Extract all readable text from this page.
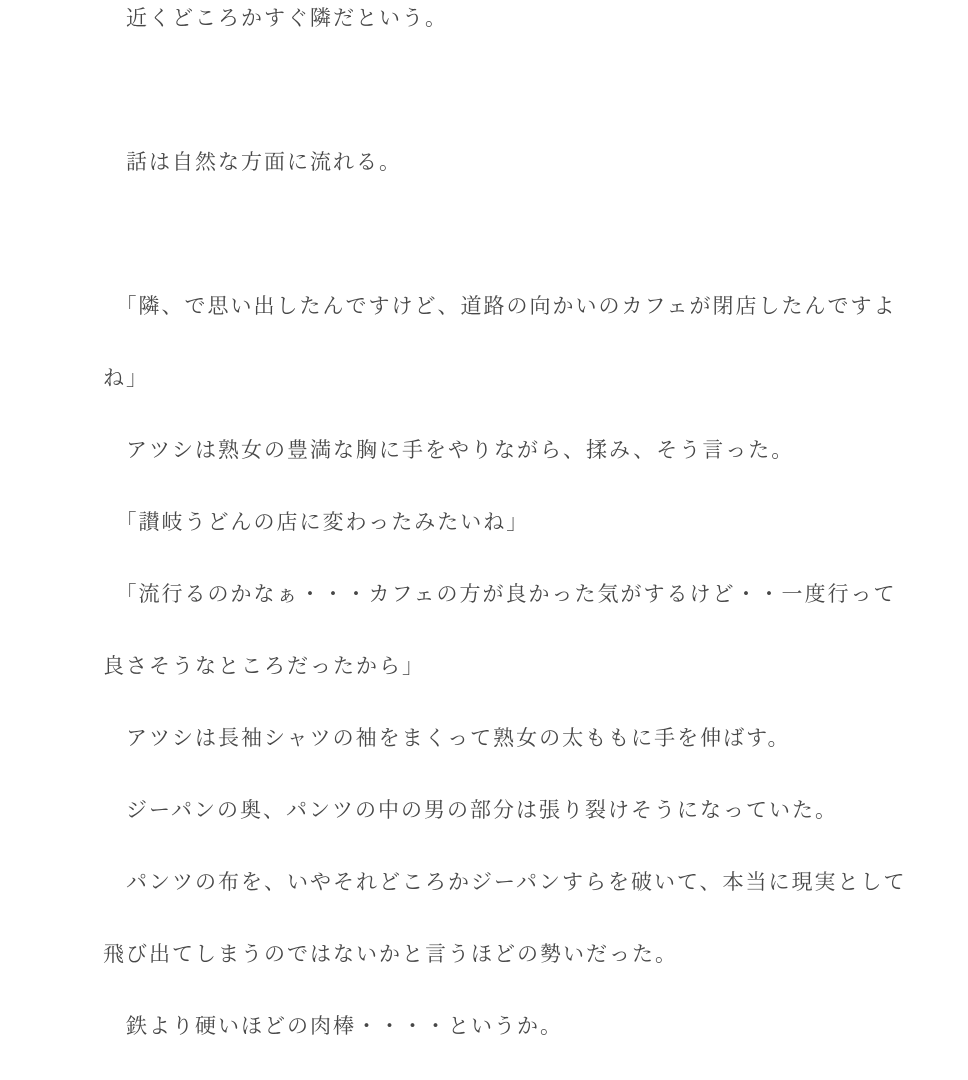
　近くどころかすぐ隣だという。
　話は自然な方面に流れる。
　「隣、で思い出したんですけど、道路の向かいのカフェが閉店したんですよ
ね」
　アツシは熟女の豊満な胸に手をやりながら、揉み、そう言った。
　「讃岐うどんの店に変わったみたいね」
　「流行るのかなぁ・・・カフェの方が良かった気がするけど・・一度行って
良さそうなところだったから」
　アツシは長袖シャツの袖をまくって熟女の太ももに手を伸ばす。
　ジーパンの奥、パンツの中の男の部分は張り裂けそうになっていた。
　パンツの布を、いやそれどころかジーパンすらを破いて、本当に現実として
飛び出てしまうのではないかと言うほどの勢いだった。
　鉄より硬いほどの肉棒・・・・というか。
